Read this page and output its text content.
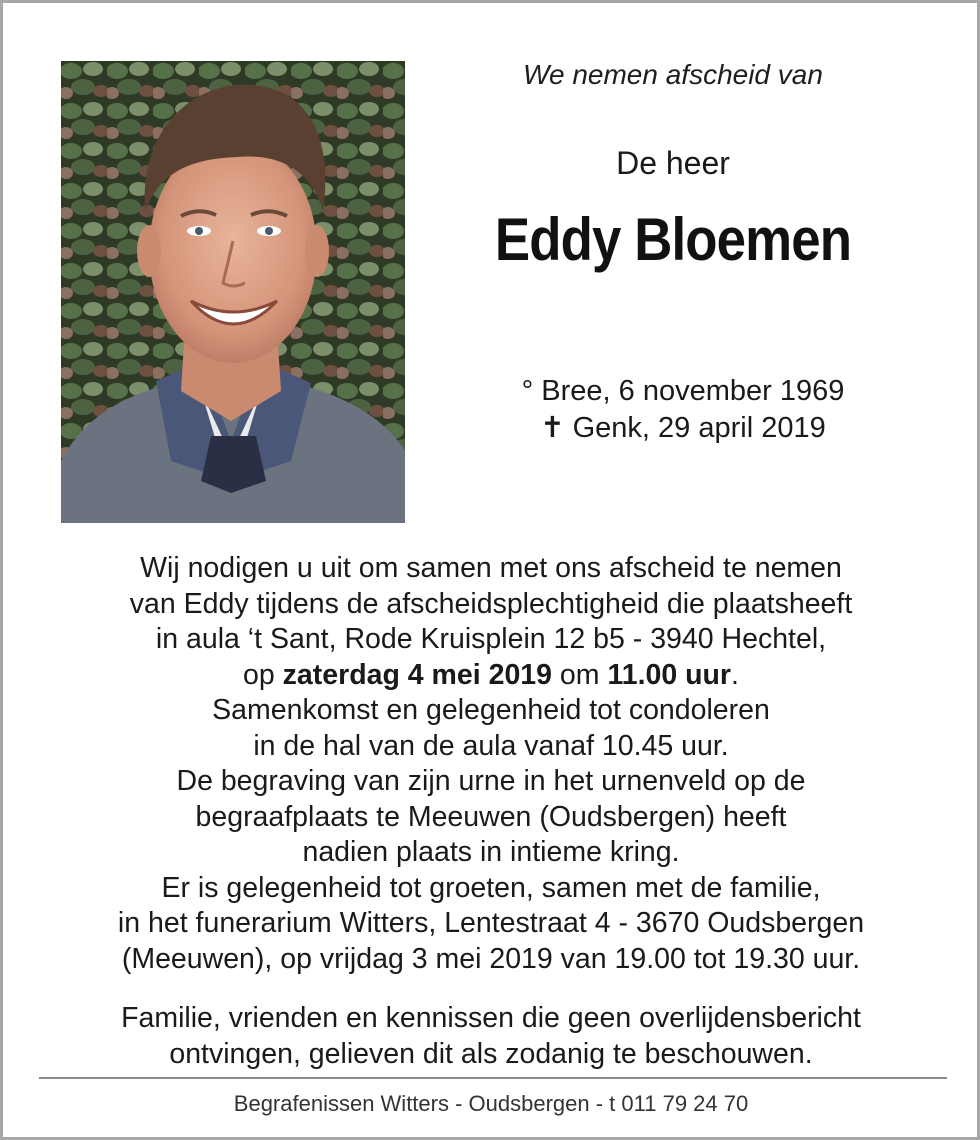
We nemen afscheid van

De heer

Eddy Bloemen

° Bree, 6 november 1969

✝ Genk, 29 april 2019

Wij nodigen u uit om samen met ons afscheid te nemen

van Eddy tijdens de afscheidsplechtigheid die plaatsheeft

in aula ‘t Sant, Rode Kruisplein 12 b5 - 3940 Hechtel,

op zaterdag 4 mei 2019 om 11.00 uur.

Samenkomst en gelegenheid tot condoleren

in de hal van de aula vanaf 10.45 uur.

De begraving van zijn urne in het urnenveld op de

begraafplaats te Meeuwen (Oudsbergen) heeft

nadien plaats in intieme kring.

Er is gelegenheid tot groeten, samen met de familie,

in het funerarium Witters, Lentestraat 4 - 3670 Oudsbergen

(Meeuwen), op vrijdag 3 mei 2019 van 19.00 tot 19.30 uur.

Familie, vrienden en kennissen die geen overlijdensbericht

ontvingen, gelieven dit als zodanig te beschouwen.

Begrafenissen Witters - Oudsbergen - t 011 79 24 70
